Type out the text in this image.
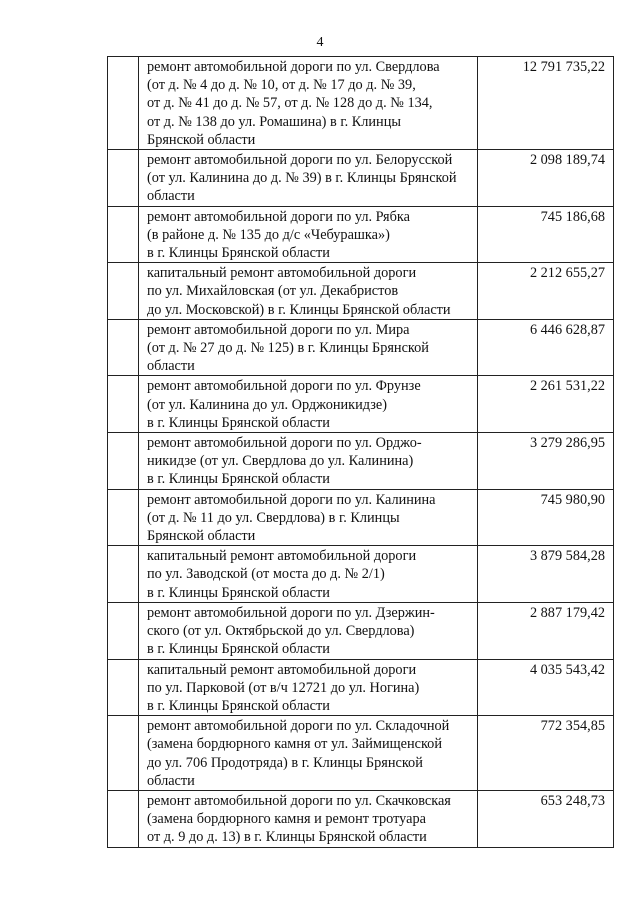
4

	ремонт автомобильной дороги по ул. Свердлова
(от д. № 4 до д. № 10, от д. № 17 до д. № 39,
от д. № 41 до д. № 57, от д. № 128 до д. № 134,
от д. № 138 до ул. Ромашина) в г. Клинцы
Брянской области	12 791 735,22

	ремонт автомобильной дороги по ул. Белорусской
(от ул. Калинина до д. № 39) в г. Клинцы Брянской
области	2 098 189,74

	ремонт автомобильной дороги по ул. Рябка
(в районе д. № 135 до д/с «Чебурашка»)
в г. Клинцы Брянской области	745 186,68

	капитальный ремонт автомобильной дороги
по ул. Михайловская (от ул. Декабристов
до ул. Московской) в г. Клинцы Брянской области	2 212 655,27

	ремонт автомобильной дороги по ул. Мира
(от д. № 27 до д. № 125) в г. Клинцы Брянской
области	6 446 628,87

	ремонт автомобильной дороги по ул. Фрунзе
(от ул. Калинина до ул. Орджоникидзе)
в г. Клинцы Брянской области	2 261 531,22

	ремонт автомобильной дороги по ул. Орджо-
никидзе (от ул. Свердлова до ул. Калинина)
в г. Клинцы Брянской области	3 279 286,95

	ремонт автомобильной дороги по ул. Калинина
(от д. № 11 до ул. Свердлова) в г. Клинцы
Брянской области	745 980,90

	капитальный ремонт автомобильной дороги
по ул. Заводской (от моста до д. № 2/1)
в г. Клинцы Брянской области	3 879 584,28

	ремонт автомобильной дороги по ул. Дзержин-
ского (от ул. Октябрьской до ул. Свердлова)
в г. Клинцы Брянской области	2 887 179,42

	капитальный ремонт автомобильной дороги
по ул. Парковой (от в/ч 12721 до ул. Ногина)
в г. Клинцы Брянской области	4 035 543,42

	ремонт автомобильной дороги по ул. Складочной
(замена бордюрного камня от ул. Займищенской
до ул. 706 Продотряда) в г. Клинцы Брянской
области	772 354,85

	ремонт автомобильной дороги по ул. Скачковская
(замена бордюрного камня и ремонт тротуара
от д. 9 до д. 13) в г. Клинцы Брянской области	653 248,73
